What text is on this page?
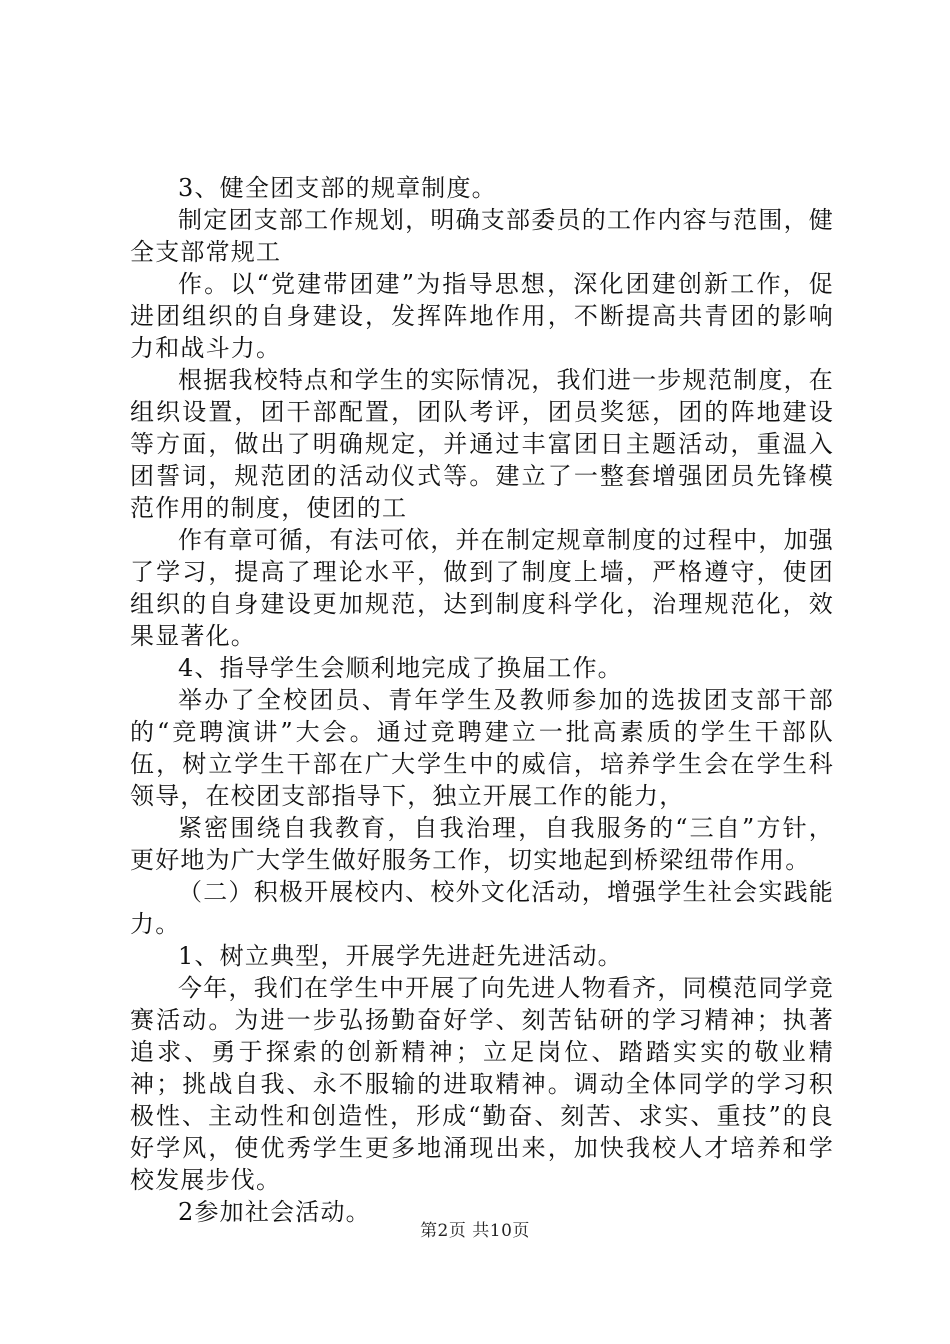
3、健全团支部的规章制度。

制定团支部工作规划，明确支部委员的工作内容与范围，健全支部常规工

作。以“党建带团建”为指导思想，深化团建创新工作，促进团组织的自身建设，发挥阵地作用，不断提高共青团的影响力和战斗力。

根据我校特点和学生的实际情况，我们进一步规范制度，在组织设置，团干部配置，团队考评，团员奖惩，团的阵地建设等方面，做出了明确规定，并通过丰富团日主题活动，重温入团誓词，规范团的活动仪式等。建立了一整套增强团员先锋模范作用的制度，使团的工

作有章可循，有法可依，并在制定规章制度的过程中，加强了学习，提高了理论水平，做到了制度上墙，严格遵守，使团组织的自身建设更加规范，达到制度科学化，治理规范化，效果显著化。

4、指导学生会顺利地完成了换届工作。

举办了全校团员、青年学生及教师参加的选拔团支部干部的“竞聘演讲”大会。通过竞聘建立一批高素质的学生干部队伍，树立学生干部在广大学生中的威信，培养学生会在学生科领导，在校团支部指导下，独立开展工作的能力，

紧密围绕自我教育，自我治理，自我服务的“三自”方针，更好地为广大学生做好服务工作，切实地起到桥梁纽带作用。

（二）积极开展校内、校外文化活动，增强学生社会实践能力。

1、树立典型，开展学先进赶先进活动。

今年，我们在学生中开展了向先进人物看齐，同模范同学竞赛活动。为进一步弘扬勤奋好学、刻苦钻研的学习精神；执著追求、勇于探索的创新精神；立足岗位、踏踏实实的敬业精神；挑战自我、永不服输的进取精神。调动全体同学的学习积极性、主动性和创造性，形成“勤奋、刻苦、求实、重技”的良好学风，使优秀学生更多地涌现出来，加快我校人才培养和学校发展步伐。

2参加社会活动。

第2页 共10页
